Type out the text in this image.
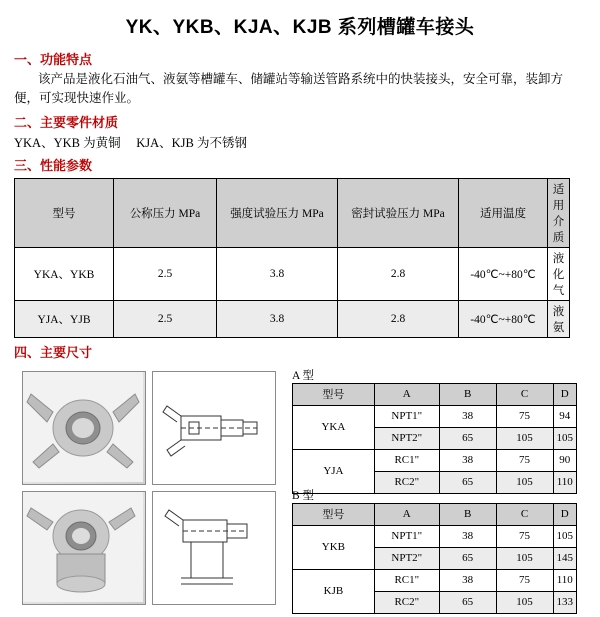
YK、YKB、KJA、KJB 系列槽罐车接头
一、功能特点
该产品是液化石油气、液氨等槽罐车、储罐站等输送管路系统中的快装接头，安全可靠，装卸方便，可实现快速作业。
二、主要零件材质
YKA、YKB 为黄铜     KJA、KJB 为不锈钢
三、性能参数
型号	公称压力 MPa	强度试验压力 MPa	密封试验压力 MPa	适用温度	适用介质
YKA、YKB	2.5	3.8	2.8	-40℃~+80℃	液化气
YJA、YJB	2.5	3.8	2.8	-40℃~+80℃	液 氨
四、主要尺寸
A 型
型号	A	B	C	D
YKA	NPT1"	38	75	94
	NPT2"	65	105	105
YJA	RC1"	38	75	90
	RC2"	65	105	110
B 型
型号	A	B	C	D
YKB	NPT1"	38	75	105
	NPT2"	65	105	145
KJB	RC1"	38	75	110
	RC2"	65	105	133
